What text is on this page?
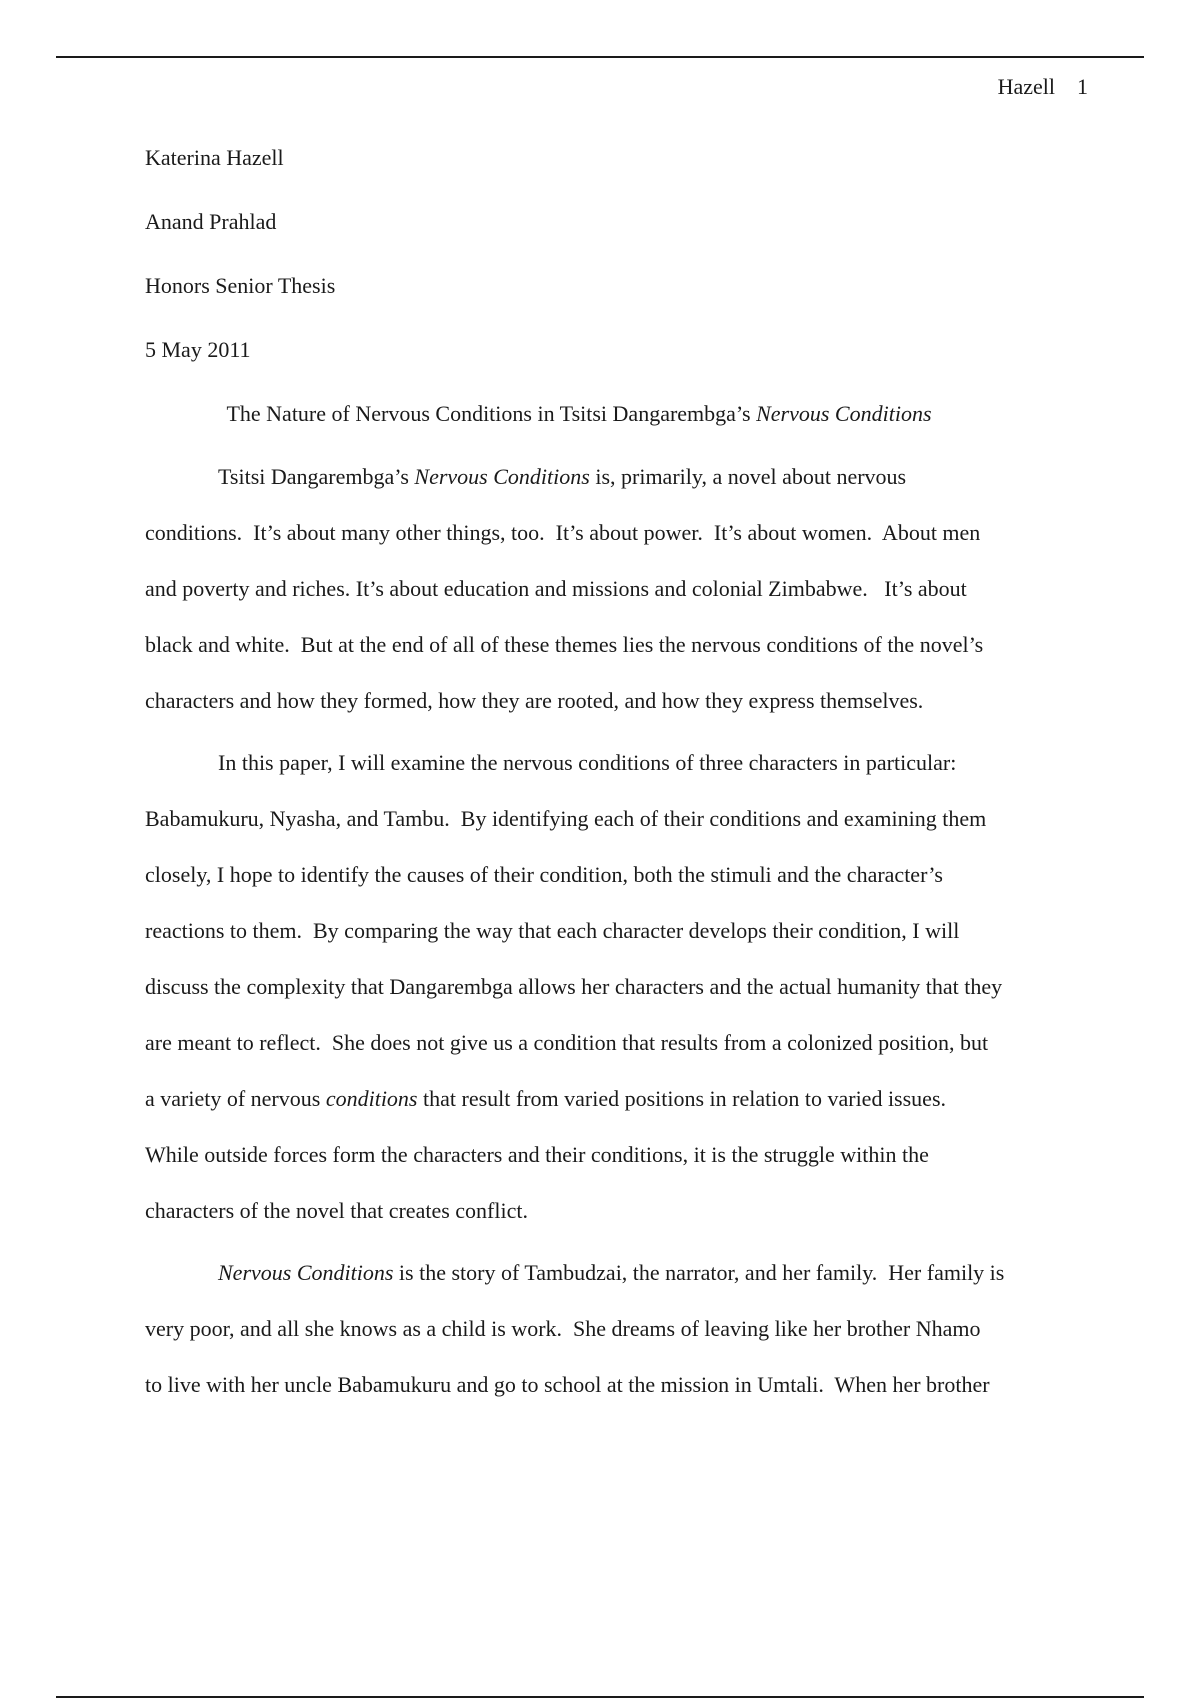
Hazell 1
Katerina Hazell
Anand Prahlad
Honors Senior Thesis
5 May 2011
The Nature of Nervous Conditions in Tsitsi Dangarembga’s Nervous Conditions
Tsitsi Dangarembga’s Nervous Conditions is, primarily, a novel about nervous
conditions.  It’s about many other things, too.  It’s about power.  It’s about women.  About men
and poverty and riches. It’s about education and missions and colonial Zimbabwe.   It’s about
black and white.  But at the end of all of these themes lies the nervous conditions of the novel’s
characters and how they formed, how they are rooted, and how they express themselves.
In this paper, I will examine the nervous conditions of three characters in particular:
Babamukuru, Nyasha, and Tambu.  By identifying each of their conditions and examining them
closely, I hope to identify the causes of their condition, both the stimuli and the character’s
reactions to them.  By comparing the way that each character develops their condition, I will
discuss the complexity that Dangarembga allows her characters and the actual humanity that they
are meant to reflect.  She does not give us a condition that results from a colonized position, but
a variety of nervous conditions that result from varied positions in relation to varied issues.
While outside forces form the characters and their conditions, it is the struggle within the
characters of the novel that creates conflict.
Nervous Conditions is the story of Tambudzai, the narrator, and her family.  Her family is
very poor, and all she knows as a child is work.  She dreams of leaving like her brother Nhamo
to live with her uncle Babamukuru and go to school at the mission in Umtali.  When her brother
